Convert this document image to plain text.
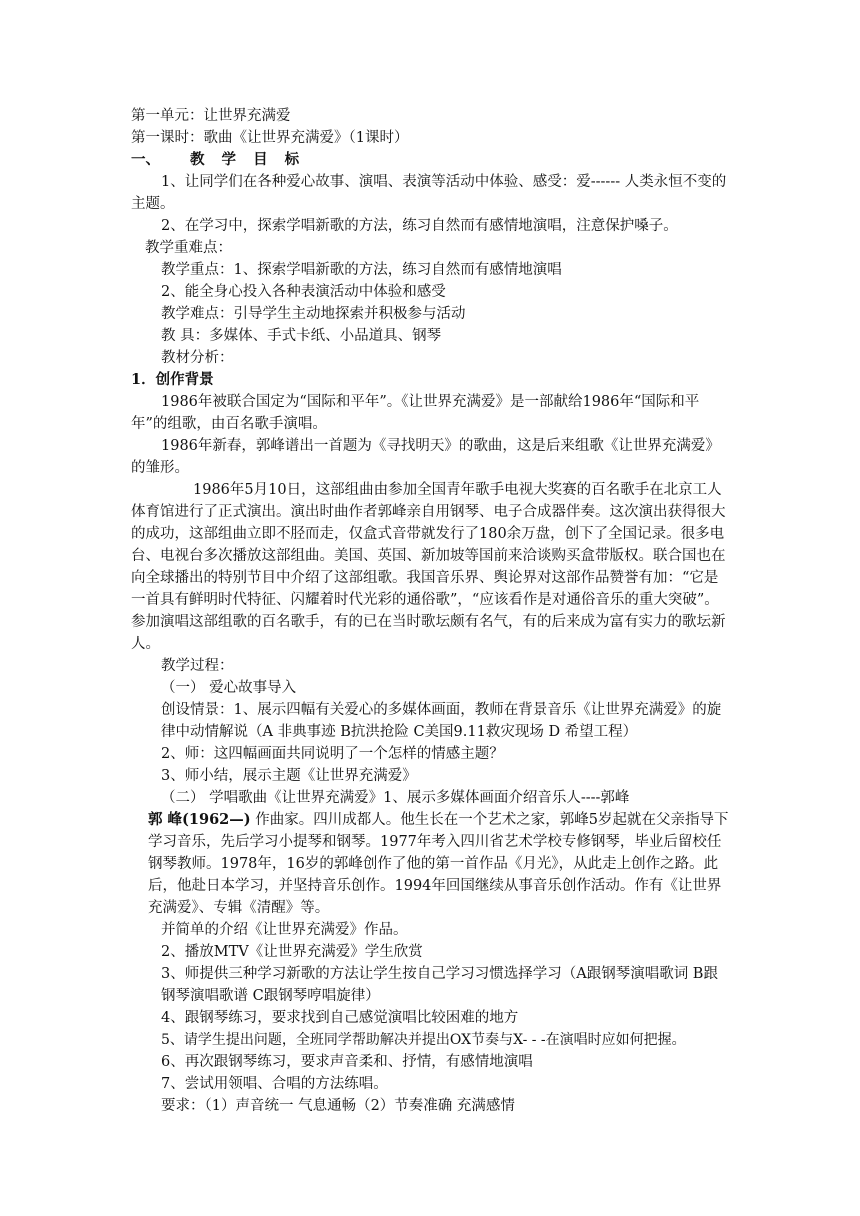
第一单元：让世界充满爱
第一课时：歌曲《让世界充满爱》（1课时）
一、 教 学 目 标
1、让同学们在各种爱心故事、演唱、表演等活动中体验、感受：爱------ 人类永恒不变的主题。
2、在学习中，探索学唱新歌的方法，练习自然而有感情地演唱，注意保护嗓子。
教学重难点：
教学重点：1、探索学唱新歌的方法，练习自然而有感情地演唱
2、能全身心投入各种表演活动中体验和感受
教学难点：引导学生主动地探索并积极参与活动
教 具：多媒体、手式卡纸、小品道具、钢琴
教材分析：
1．创作背景
1986年被联合国定为“国际和平年”。《让世界充满爱》是一部献给1986年“国际和平年”的组歌，由百名歌手演唱。
1986年新春，郭峰谱出一首题为《寻找明天》的歌曲，这是后来组歌《让世界充满爱》的雏形。
1986年5月10日，这部组曲由参加全国青年歌手电视大奖赛的百名歌手在北京工人体育馆进行了正式演出。演出时曲作者郭峰亲自用钢琴、电子合成器伴奏。这次演出获得很大的成功，这部组曲立即不胫而走，仅盒式音带就发行了180余万盘，创下了全国记录。很多电台、电视台多次播放这部组曲。美国、英国、新加坡等国前来洽谈购买盒带版权。联合国也在向全球播出的特别节目中介绍了这部组歌。我国音乐界、舆论界对这部作品赞誉有加：“它是一首具有鲜明时代特征、闪耀着时代光彩的通俗歌”，“应该看作是对通俗音乐的重大突破”。参加演唱这部组歌的百名歌手，有的已在当时歌坛颇有名气，有的后来成为富有实力的歌坛新人。
教学过程：
（一） 爱心故事导入
创设情景：1、展示四幅有关爱心的多媒体画面，教师在背景音乐《让世界充满爱》的旋律中动情解说（A 非典事迹 B抗洪抢险 C美国9.11救灾现场 D 希望工程）
2、师：这四幅画面共同说明了一个怎样的情感主题？
3、师小结，展示主题《让世界充满爱》
（二） 学唱歌曲《让世界充满爱》1、展示多媒体画面介绍音乐人----郭峰
郭 峰(1962—) 作曲家。四川成都人。他生长在一个艺术之家，郭峰5岁起就在父亲指导下学习音乐，先后学习小提琴和钢琴。1977年考入四川省艺术学校专修钢琴，毕业后留校任钢琴教师。1978年，16岁的郭峰创作了他的第一首作品《月光》，从此走上创作之路。此后，他赴日本学习，并坚持音乐创作。1994年回国继续从事音乐创作活动。作有《让世界充满爱》、专辑《清醒》等。
并简单的介绍《让世界充满爱》作品。
2、播放MTV《让世界充满爱》学生欣赏
3、师提供三种学习新歌的方法让学生按自己学习习惯选择学习（A跟钢琴演唱歌词 B跟钢琴演唱歌谱 C跟钢琴哼唱旋律）
4、跟钢琴练习，要求找到自己感觉演唱比较困难的地方
5、请学生提出问题，全班同学帮助解决并提出OX节奏与X- - -在演唱时应如何把握。
6、再次跟钢琴练习，要求声音柔和、抒情，有感情地演唱
7、尝试用领唱、合唱的方法练唱。
要求：（1）声音统一 气息通畅（2）节奏准确 充满感情
